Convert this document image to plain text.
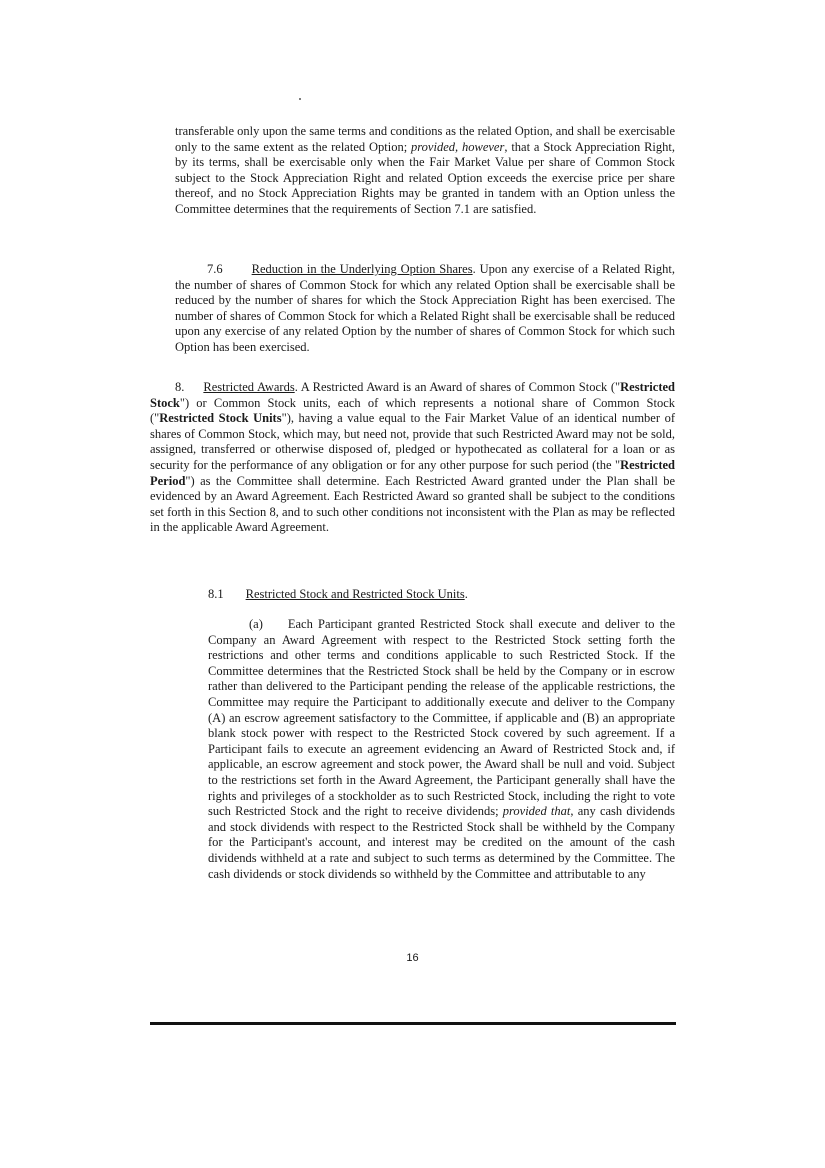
transferable only upon the same terms and conditions as the related Option, and shall be exercisable only to the same extent as the related Option; provided, however, that a Stock Appreciation Right, by its terms, shall be exercisable only when the Fair Market Value per share of Common Stock subject to the Stock Appreciation Right and related Option exceeds the exercise price per share thereof, and no Stock Appreciation Rights may be granted in tandem with an Option unless the Committee determines that the requirements of Section 7.1 are satisfied.

7.6 Reduction in the Underlying Option Shares. Upon any exercise of a Related Right, the number of shares of Common Stock for which any related Option shall be exercisable shall be reduced by the number of shares for which the Stock Appreciation Right has been exercised. The number of shares of Common Stock for which a Related Right shall be exercisable shall be reduced upon any exercise of any related Option by the number of shares of Common Stock for which such Option has been exercised.

8. Restricted Awards. A Restricted Award is an Award of shares of Common Stock ("Restricted Stock") or Common Stock units, each of which represents a notional share of Common Stock ("Restricted Stock Units"), having a value equal to the Fair Market Value of an identical number of shares of Common Stock, which may, but need not, provide that such Restricted Award may not be sold, assigned, transferred or otherwise disposed of, pledged or hypothecated as collateral for a loan or as security for the performance of any obligation or for any other purpose for such period (the "Restricted Period") as the Committee shall determine. Each Restricted Award granted under the Plan shall be evidenced by an Award Agreement. Each Restricted Award so granted shall be subject to the conditions set forth in this Section 8, and to such other conditions not inconsistent with the Plan as may be reflected in the applicable Award Agreement.

8.1 Restricted Stock and Restricted Stock Units.

(a) Each Participant granted Restricted Stock shall execute and deliver to the Company an Award Agreement with respect to the Restricted Stock setting forth the restrictions and other terms and conditions applicable to such Restricted Stock. If the Committee determines that the Restricted Stock shall be held by the Company or in escrow rather than delivered to the Participant pending the release of the applicable restrictions, the Committee may require the Participant to additionally execute and deliver to the Company (A) an escrow agreement satisfactory to the Committee, if applicable and (B) an appropriate blank stock power with respect to the Restricted Stock covered by such agreement. If a Participant fails to execute an agreement evidencing an Award of Restricted Stock and, if applicable, an escrow agreement and stock power, the Award shall be null and void. Subject to the restrictions set forth in the Award Agreement, the Participant generally shall have the rights and privileges of a stockholder as to such Restricted Stock, including the right to vote such Restricted Stock and the right to receive dividends; provided that, any cash dividends and stock dividends with respect to the Restricted Stock shall be withheld by the Company for the Participant's account, and interest may be credited on the amount of the cash dividends withheld at a rate and subject to such terms as determined by the Committee. The cash dividends or stock dividends so withheld by the Committee and attributable to any

16
